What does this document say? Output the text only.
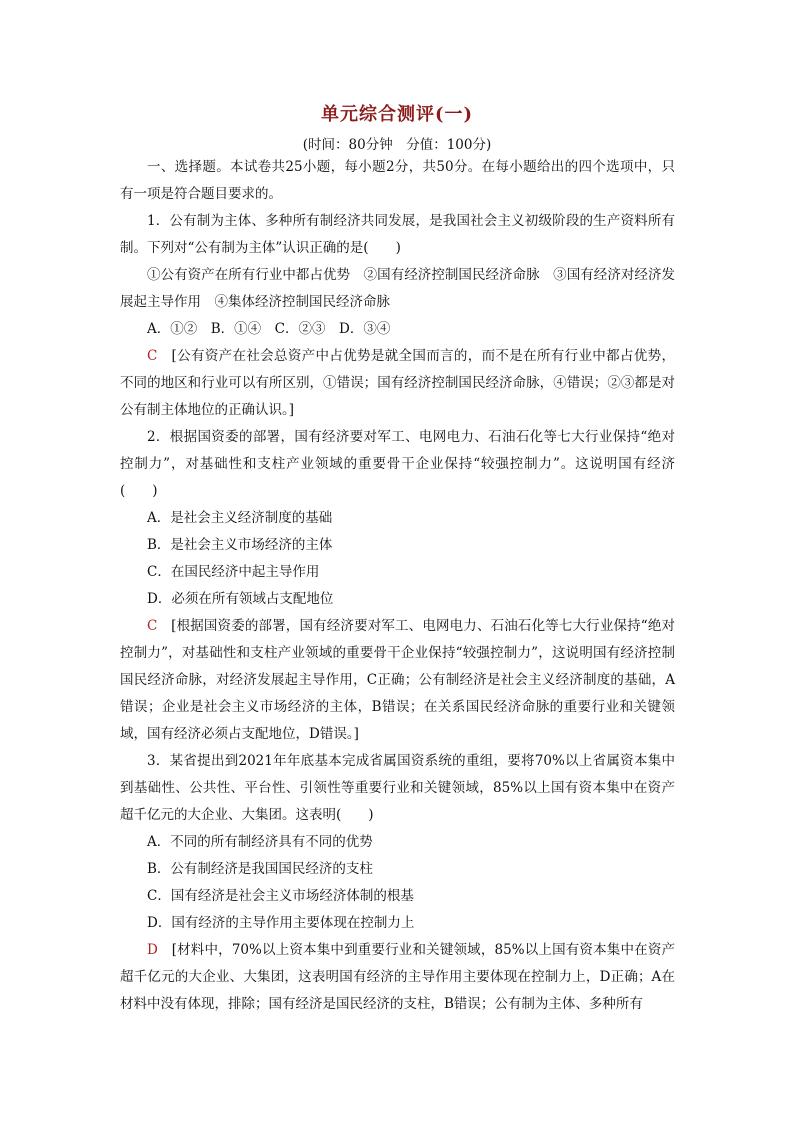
单元综合测评(一)
(时间：80分钟　分值：100分)

一、选择题。本试卷共25小题，每小题2分，共50分。在每小题给出的四个选项中，只有一项是符合题目要求的。

1．公有制为主体、多种所有制经济共同发展，是我国社会主义初级阶段的生产资料所有制。下列对“公有制为主体”认识正确的是(　　)

①公有资产在所有行业中都占优势　②国有经济控制国民经济命脉　③国有经济对经济发展起主导作用　④集体经济控制国民经济命脉

A．①②　B．①④　C．②③　D．③④

C　 [公有资产在社会总资产中占优势是就全国而言的，而不是在所有行业中都占优势，不同的地区和行业可以有所区别，①错误；国有经济控制国民经济命脉，④错误；②③都是对公有制主体地位的正确认识。]

2．根据国资委的部署，国有经济要对军工、电网电力、石油石化等七大行业保持“绝对控制力”，对基础性和支柱产业领域的重要骨干企业保持“较强控制力”。这说明国有经济(　　)

A．是社会主义经济制度的基础

B．是社会主义市场经济的主体

C．在国民经济中起主导作用

D．必须在所有领域占支配地位

C　 [根据国资委的部署，国有经济要对军工、电网电力、石油石化等七大行业保持“绝对控制力”，对基础性和支柱产业领域的重要骨干企业保持“较强控制力”，这说明国有经济控制国民经济命脉，对经济发展起主导作用，C正确；公有制经济是社会主义经济制度的基础，A错误；企业是社会主义市场经济的主体，B错误；在关系国民经济命脉的重要行业和关键领域，国有经济必须占支配地位，D错误。]

3．某省提出到2021年年底基本完成省属国资系统的重组，要将70%以上省属资本集中到基础性、公共性、平台性、引领性等重要行业和关键领域，85%以上国有资本集中在资产超千亿元的大企业、大集团。这表明(　　)

A．不同的所有制经济具有不同的优势

B．公有制经济是我国国民经济的支柱

C．国有经济是社会主义市场经济体制的根基

D．国有经济的主导作用主要体现在控制力上

D　 [材料中，70%以上资本集中到重要行业和关键领域，85%以上国有资本集中在资产超千亿元的大企业、大集团，这表明国有经济的主导作用主要体现在控制力上，D正确；A在材料中没有体现，排除；国有经济是国民经济的支柱，B错误；公有制为主体、多种所有
